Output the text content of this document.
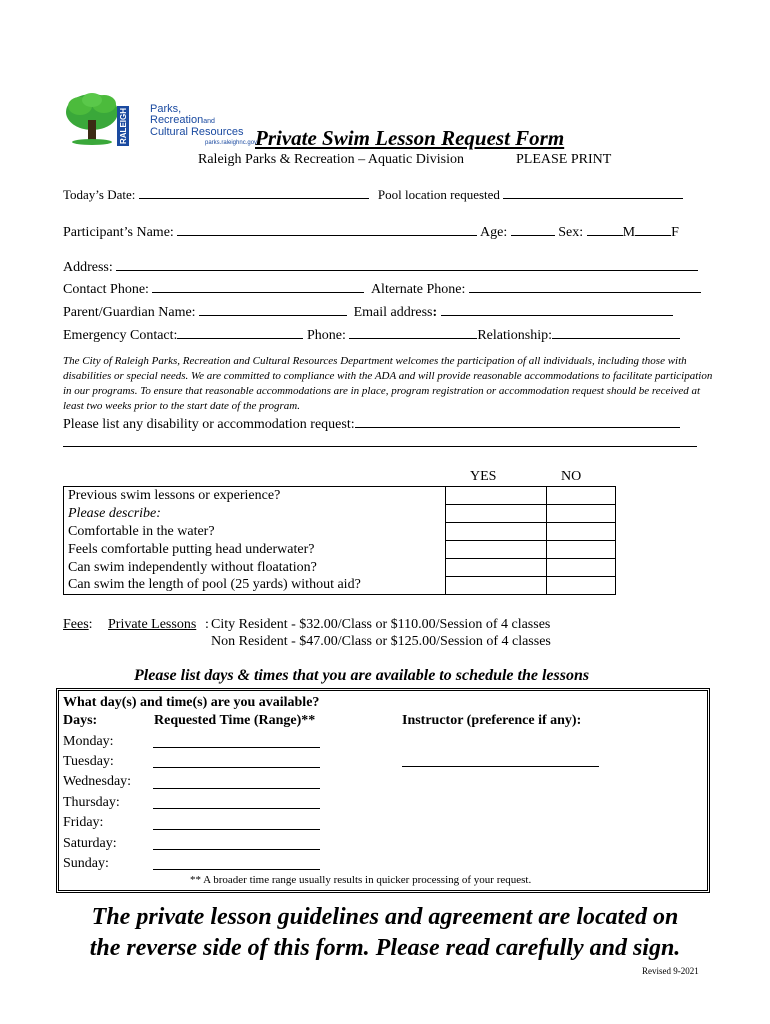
RALEIGH Parks,
Recreationand
Cultural Resources
parks.raleighnc.gov
Private Swim Lesson Request Form
Raleigh Parks & Recreation – Aquatic Division	PLEASE PRINT
Today’s Date:	Pool location requested
Participant’s Name:	Age:	Sex:	M	F
Address:
Contact Phone:	Alternate Phone:
Parent/Guardian Name:	Email address:
Emergency Contact:	Phone:	Relationship:
The City of Raleigh Parks, Recreation and Cultural Resources Department welcomes the participation of all individuals, including those with disabilities or special needs. We are committed to compliance with the ADA and will provide reasonable accommodations to facilitate participation in our programs. To ensure that reasonable accommodations are in place, program registration or accommodation request should be received at least two weeks prior to the start date of the program.
Please list any disability or accommodation request:
YES	NO
Previous swim lessons or experience?		
Please describe:		
Comfortable in the water?		
Feels comfortable putting head underwater?		
Can swim independently without floatation?		
Can swim the length of pool (25 yards) without aid?		
Fees: Private Lessons : City Resident - $32.00/Class or $110.00/Session of 4 classes
Non Resident - $47.00/Class or $125.00/Session of 4 classes
Please list days & times that you are available to schedule the lessons
What day(s) and time(s) are you available?
Days:	Requested Time (Range)**	Instructor (preference if any):
Monday:
Tuesday:
Wednesday:
Thursday:
Friday:
Saturday:
Sunday:
** A broader time range usually results in quicker processing of your request.
The private lesson guidelines and agreement are located on
the reverse side of this form. Please read carefully and sign.
Revised 9-2021
